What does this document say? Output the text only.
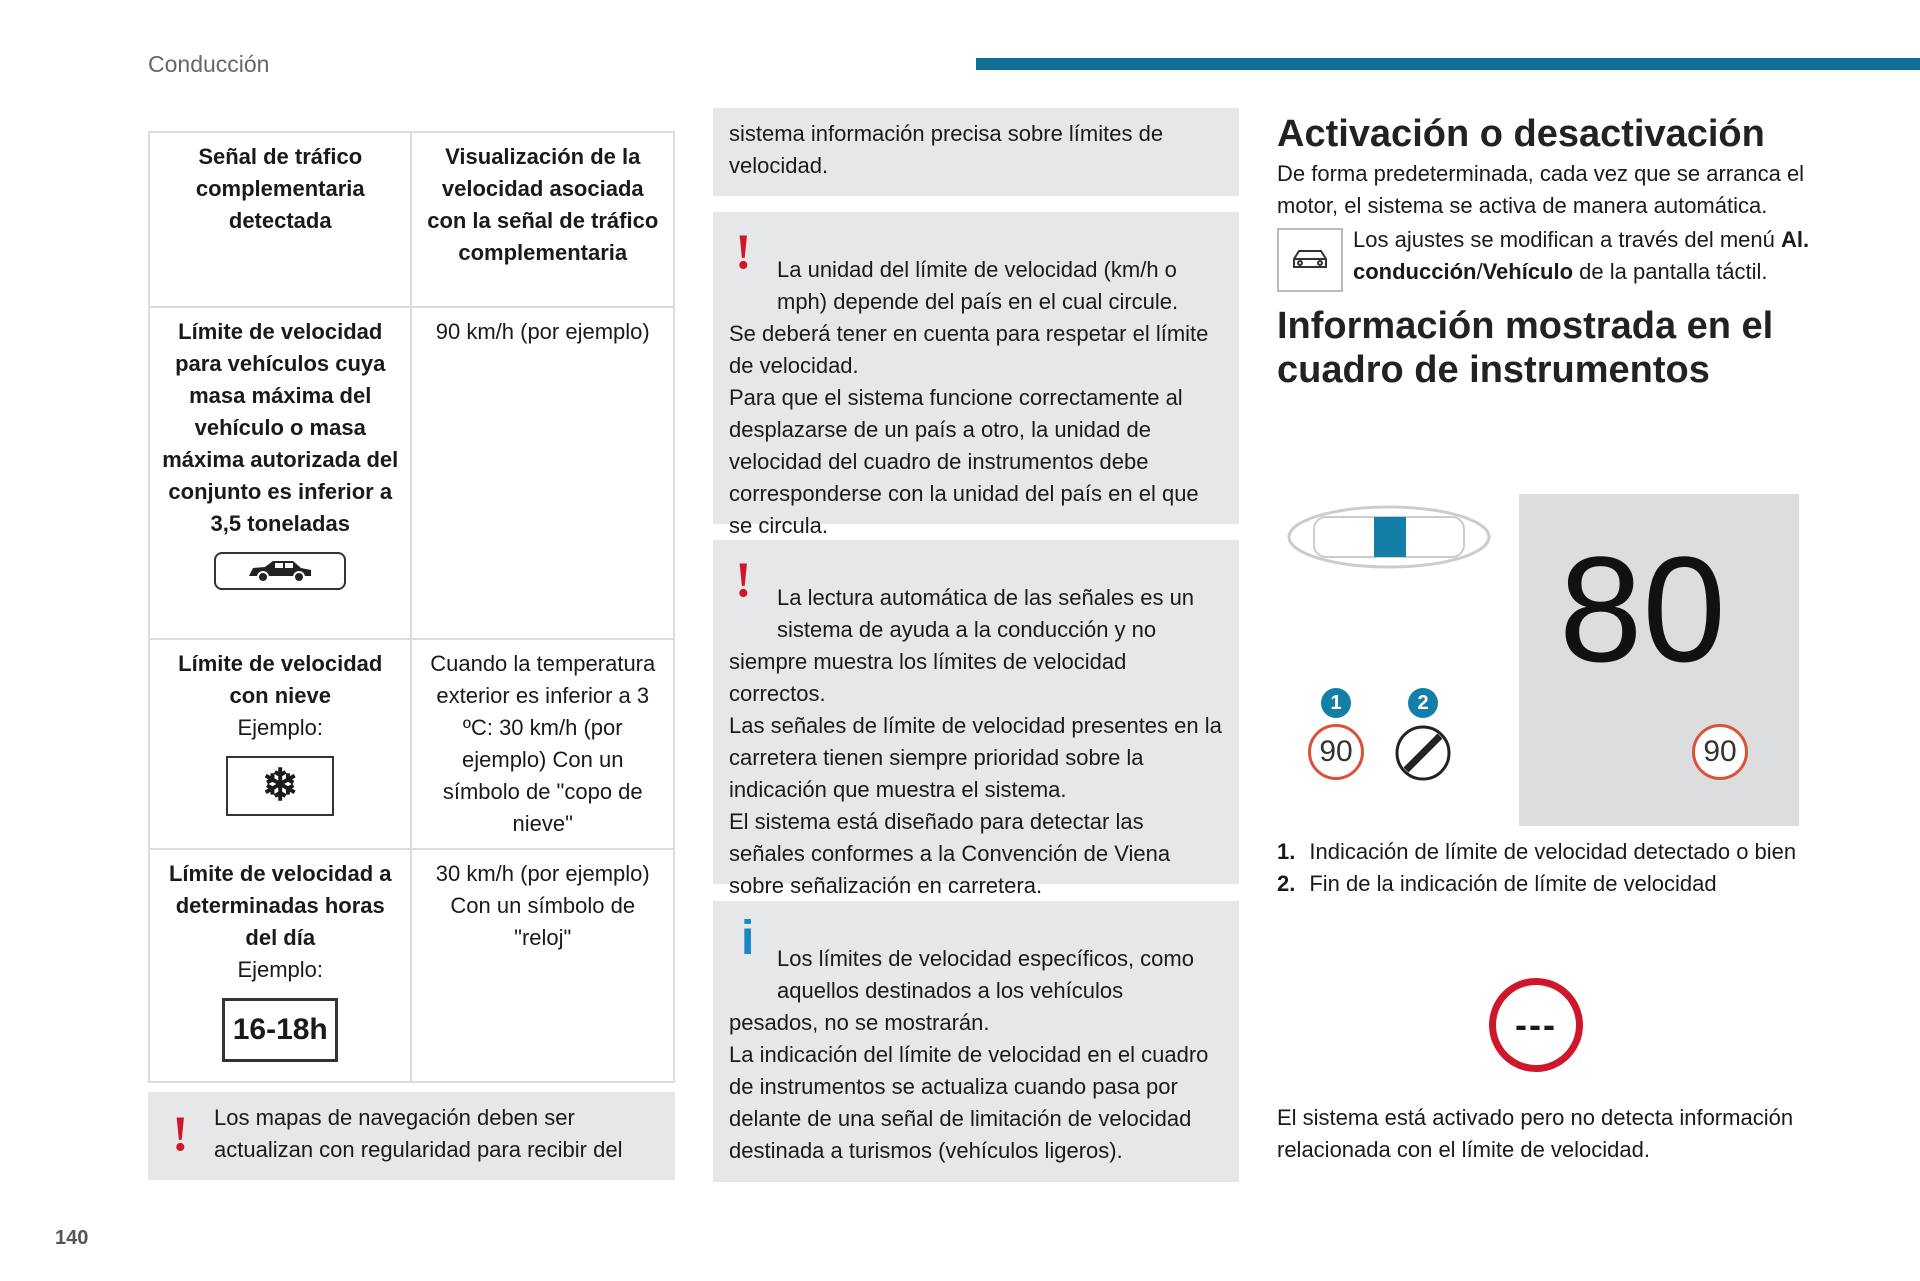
Conducción
140
Señal de tráfico complementaria detectada	Visualización de la velocidad asociada con la señal de tráfico complementaria

Límite de velocidad para vehículos cuya masa máxima del vehículo o masa máxima autorizada del conjunto es inferior a 3,5 toneladas	90 km/h (por ejemplo)

Límite de velocidad con nieve
Ejemplo:
❄	Cuando la temperatura exterior es inferior a 3 ºC: 30 km/h (por ejemplo) Con un símbolo de "copo de nieve"

Límite de velocidad a determinadas horas del día
Ejemplo:
16-18h	30 km/h (por ejemplo) Con un símbolo de "reloj"
! Los mapas de navegación deben ser actualizan con regularidad para recibir del
sistema información precisa sobre límites de velocidad.

!	La unidad del límite de velocidad (km/h o mph) depende del país en el cual circule.
Se deberá tener en cuenta para respetar el límite de velocidad.
Para que el sistema funcione correctamente al desplazarse de un país a otro, la unidad de velocidad del cuadro de instrumentos debe corresponderse con la unidad del país en el que se circula.

!	La lectura automática de las señales es un sistema de ayuda a la conducción y no
siempre muestra los límites de velocidad correctos.
Las señales de límite de velocidad presentes en la carretera tienen siempre prioridad sobre la indicación que muestra el sistema.
El sistema está diseñado para detectar las señales conformes a la Convención de Viena sobre señalización en carretera.

i	Los límites de velocidad específicos, como aquellos destinados a los vehículos
pesados, no se mostrarán.
La indicación del límite de velocidad en el cuadro de instrumentos se actualiza cuando pasa por delante de una señal de limitación de velocidad destinada a turismos (vehículos ligeros).

Activación o desactivación

De forma predeterminada, cada vez que se arranca el motor, el sistema se activa de manera automática.

Los ajustes se modifican a través del menú Al. conducción/Vehículo de la pantalla táctil.

Información mostrada en el cuadro de instrumentos
80
90
1	2
90
1. Indicación de límite de velocidad detectado o bien
2. Fin de la indicación de límite de velocidad
---

El sistema está activado pero no detecta información relacionada con el límite de velocidad.
